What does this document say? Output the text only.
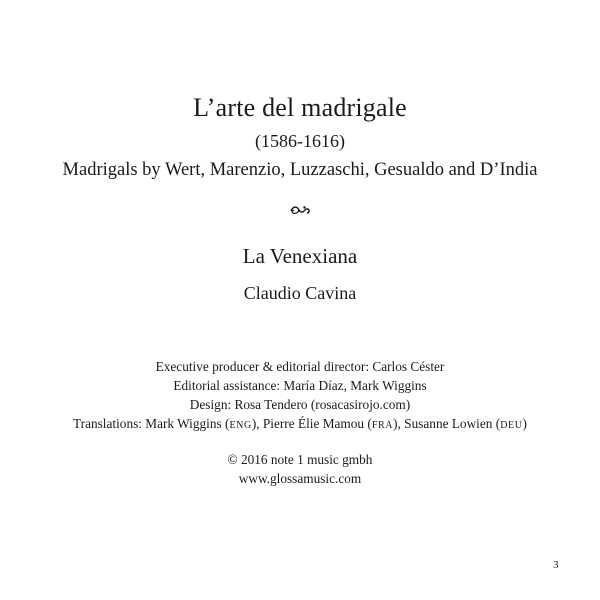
L’arte del madrigale
(1586-1616)
Madrigals by Wert, Marenzio, Luzzaschi, Gesualdo and D’India
La Venexiana
Claudio Cavina
Executive producer & editorial director: Carlos Céster
Editorial assistance: María Díaz, Mark Wiggins
Design: Rosa Tendero (rosacasirojo.com)
Translations: Mark Wiggins (ENG), Pierre Élie Mamou (FRA), Susanne Lowien (DEU)
© 2016 note 1 music gmbh
www.glossamusic.com
3
